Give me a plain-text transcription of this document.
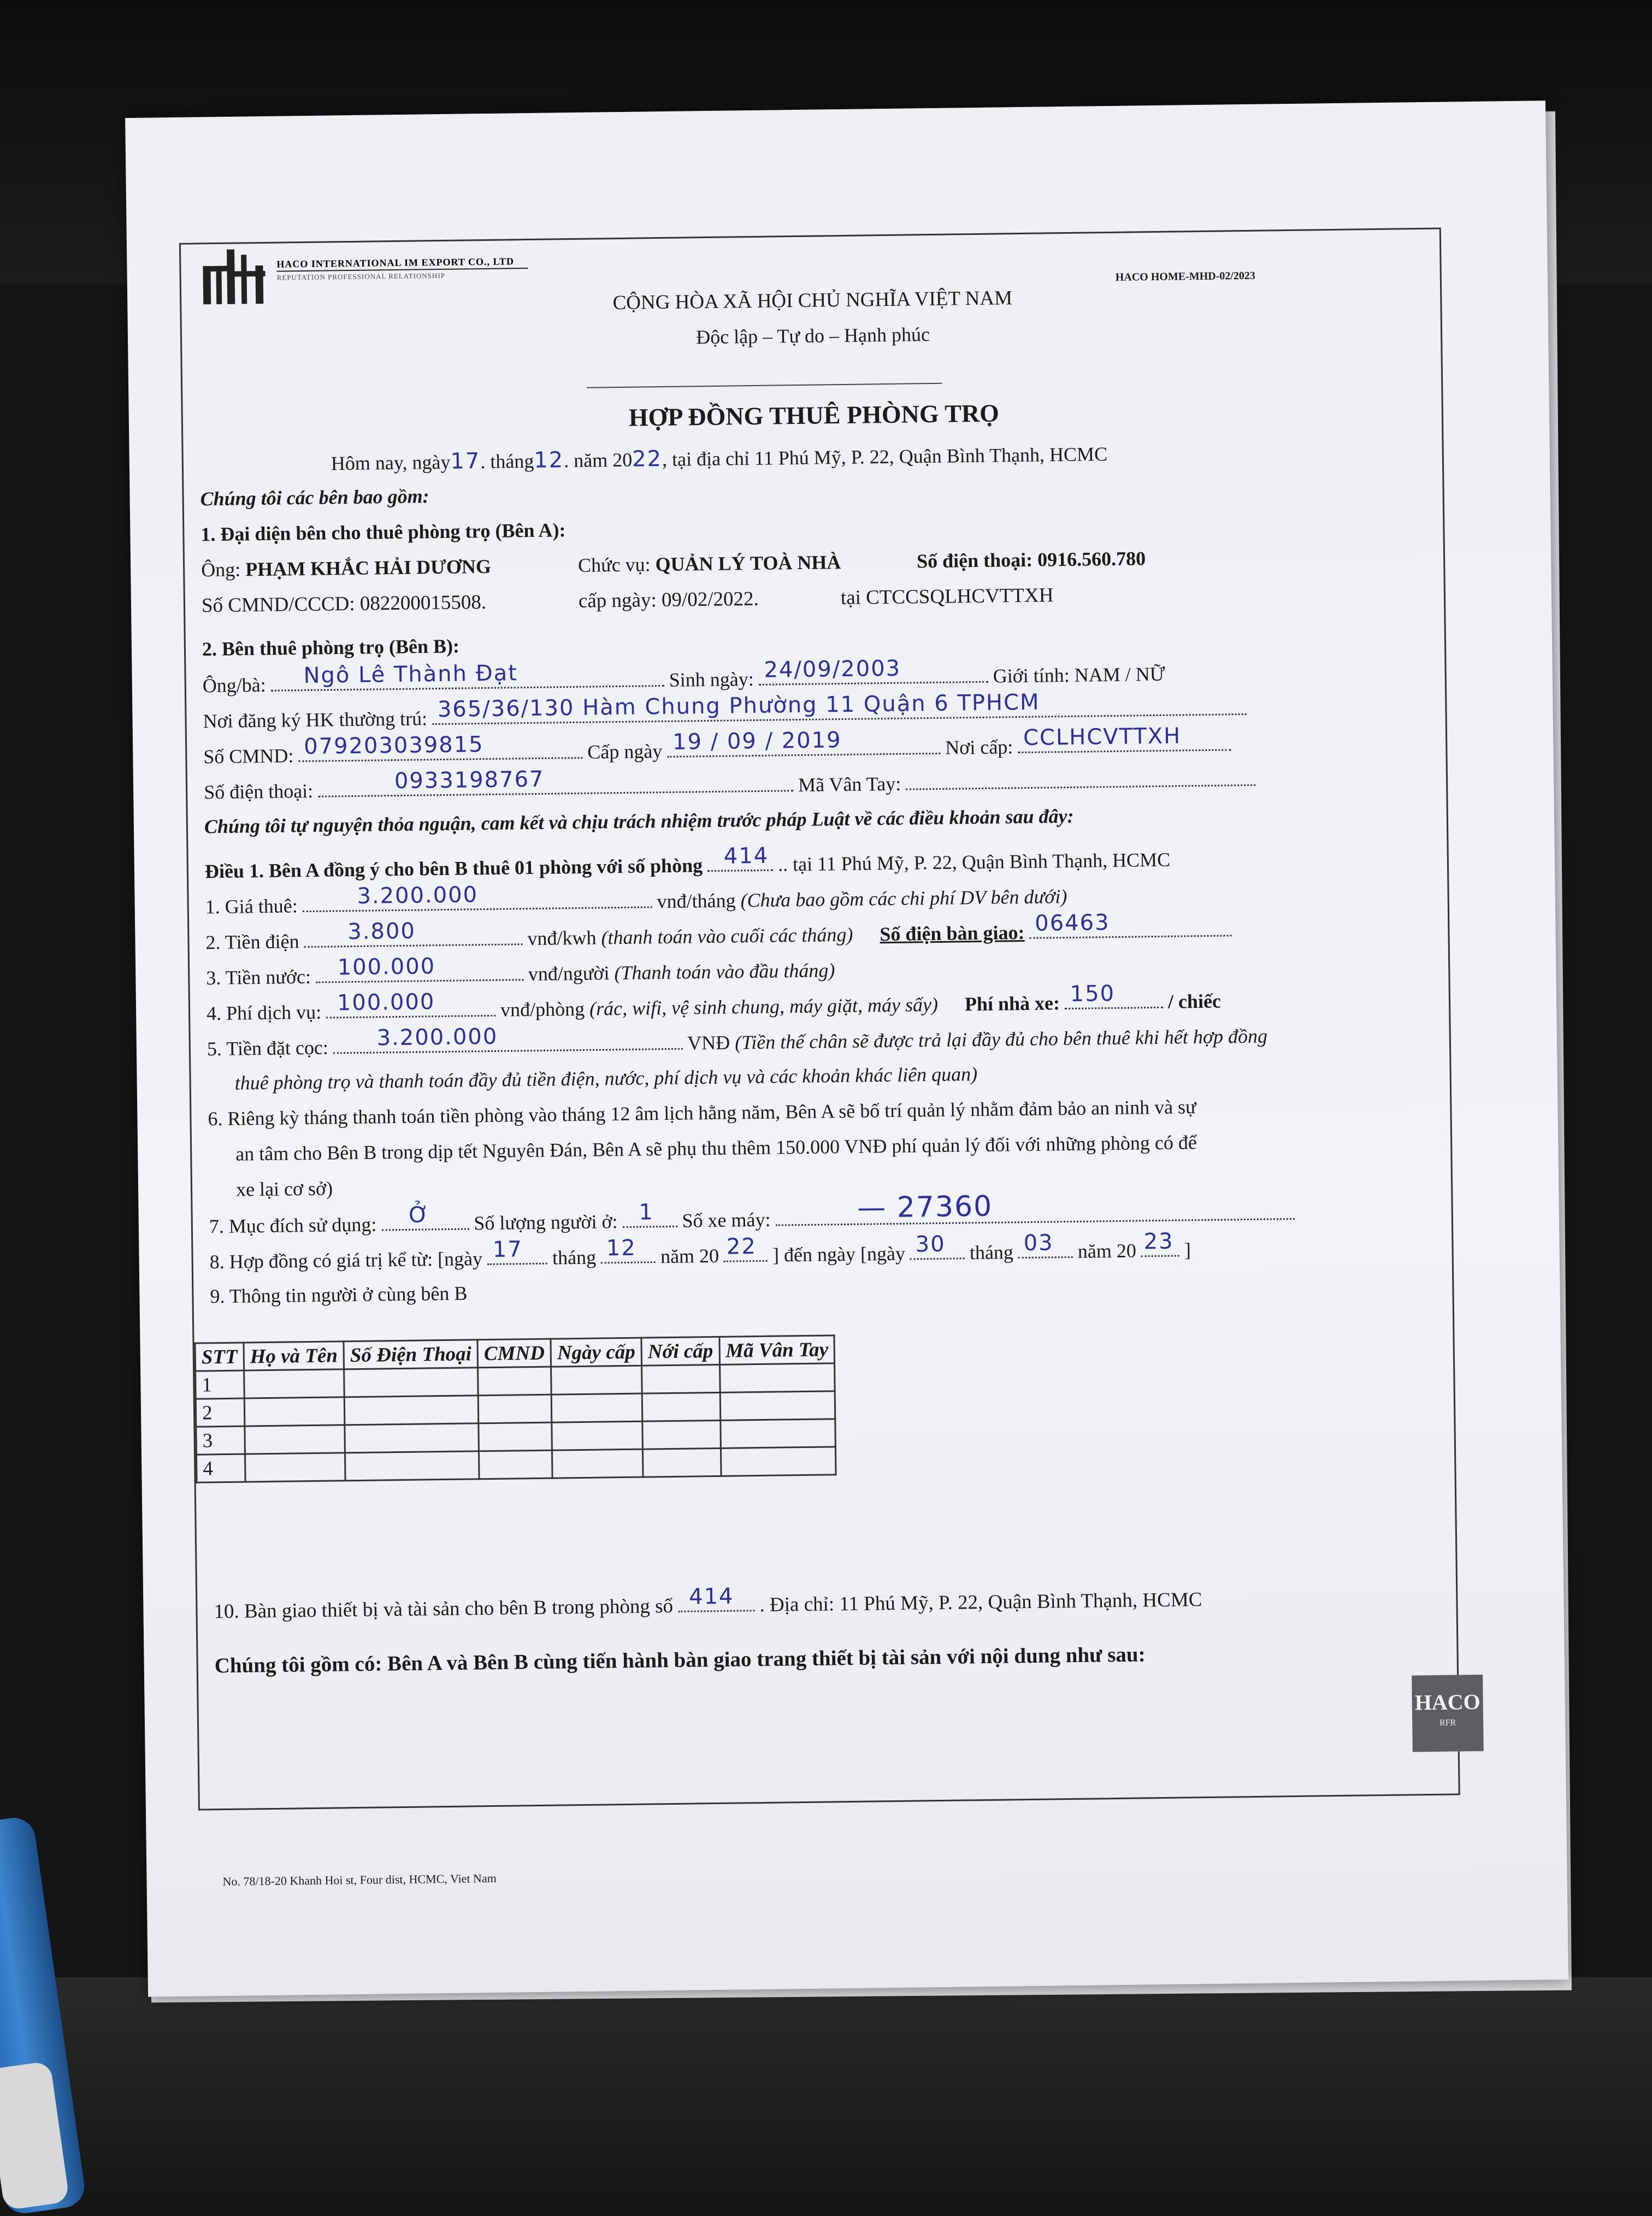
HACO INTERNATIONAL IM EXPORT CO., LTD
REPUTATION PROFESSIONAL RELATIONSHIP	HACO HOME-MHD-02/2023
CỘNG HÒA XÃ HỘI CHỦ NGHĨA VIỆT NAM
Độc lập – Tự do – Hạnh phúc
HỢP ĐỒNG THUÊ PHÒNG TRỌ
Hôm nay, ngày17. tháng12. năm 2022, tại địa chỉ 11 Phú Mỹ, P. 22, Quận Bình Thạnh, HCMC
Chúng tôi các bên bao gồm:
1. Đại diện bên cho thuê phòng trọ (Bên A):
Ông: PHẠM KHẮC HẢI DƯƠNG	Chức vụ: QUẢN LÝ TOÀ NHÀ	Số điện thoại: 0916.560.780
Số CMND/CCCD: 082200015508.	cấp ngày: 09/02/2022.	tại CTCCSQLHCVTTXH
2. Bên thuê phòng trọ (Bên B):
Ông/bà: Ngô Lê Thành Đạt	Sinh ngày: 24/09/2003	Giới tính: NAM / NỮ
Nơi đăng ký HK thường trú: 365/36/130 Hàm Chung Phường 11 Quận 6 TPHCM
Số CMND: 079203039815	Cấp ngày 19 / 09 / 2019	Nơi cấp: CCLHCVTTXH
Số điện thoại:	0933198767	Mã Vân Tay:
Chúng tôi tự nguyện thỏa nguận, cam kết và chịu trách nhiệm trước pháp Luật về các điều khoản sau đây:
Điều 1. Bên A đồng ý cho bên B thuê 01 phòng với số phòng 414 .. tại 11 Phú Mỹ, P. 22, Quận Bình Thạnh, HCMC
1. Giá thuê:	3.200.000	vnđ/tháng (Chưa bao gồm các chi phí DV bên dưới)
2. Tiền điện 3.800	vnđ/kwh (thanh toán vào cuối các tháng) Số điện bàn giao: 06463
3. Tiền nước: 100.000	vnđ/người (Thanh toán vào đầu tháng)
4. Phí dịch vụ: 100.000	vnđ/phòng (rác, wifi, vệ sinh chung, máy giặt, máy sấy) Phí nhà xe: 150	/ chiếc
5. Tiền đặt cọc: 3.200.000	VNĐ (Tiền thế chân sẽ được trả lại đầy đủ cho bên thuê khi hết hợp đồng
thuê phòng trọ và thanh toán đầy đủ tiền điện, nước, phí dịch vụ và các khoản khác liên quan)
6. Riêng kỳ tháng thanh toán tiền phòng vào tháng 12 âm lịch hằng năm, Bên A sẽ bố trí quản lý nhằm đảm bảo an ninh và sự
an tâm cho Bên B trong dịp tết Nguyên Đán, Bên A sẽ phụ thu thêm 150.000 VNĐ phí quản lý đối với những phòng có để
xe lại cơ sở)
7. Mục đích sử dụng: Ở Số lượng người ở: 1 Số xe máy:	— 27360
8. Hợp đồng có giá trị kể từ: [ngày 17 tháng 12 năm 20 22 ] đến ngày [ngày 30 tháng 03 năm 20 23 ]
9. Thông tin người ở cùng bên B
STT	Họ và Tên	Số Điện Thoại	CMND	Ngày cấp	Nới cấp	Mã Vân Tay
1						
2						
3						
4						
10. Bàn giao thiết bị và tài sản cho bên B trong phòng số 414 . Địa chỉ: 11 Phú Mỹ, P. 22, Quận Bình Thạnh, HCMC
Chúng tôi gồm có: Bên A và Bên B cùng tiến hành bàn giao trang thiết bị tài sản với nội dung như sau:
No. 78/18-20 Khanh Hoi st, Four dist, HCMC, Viet Nam
HACO
RFR
